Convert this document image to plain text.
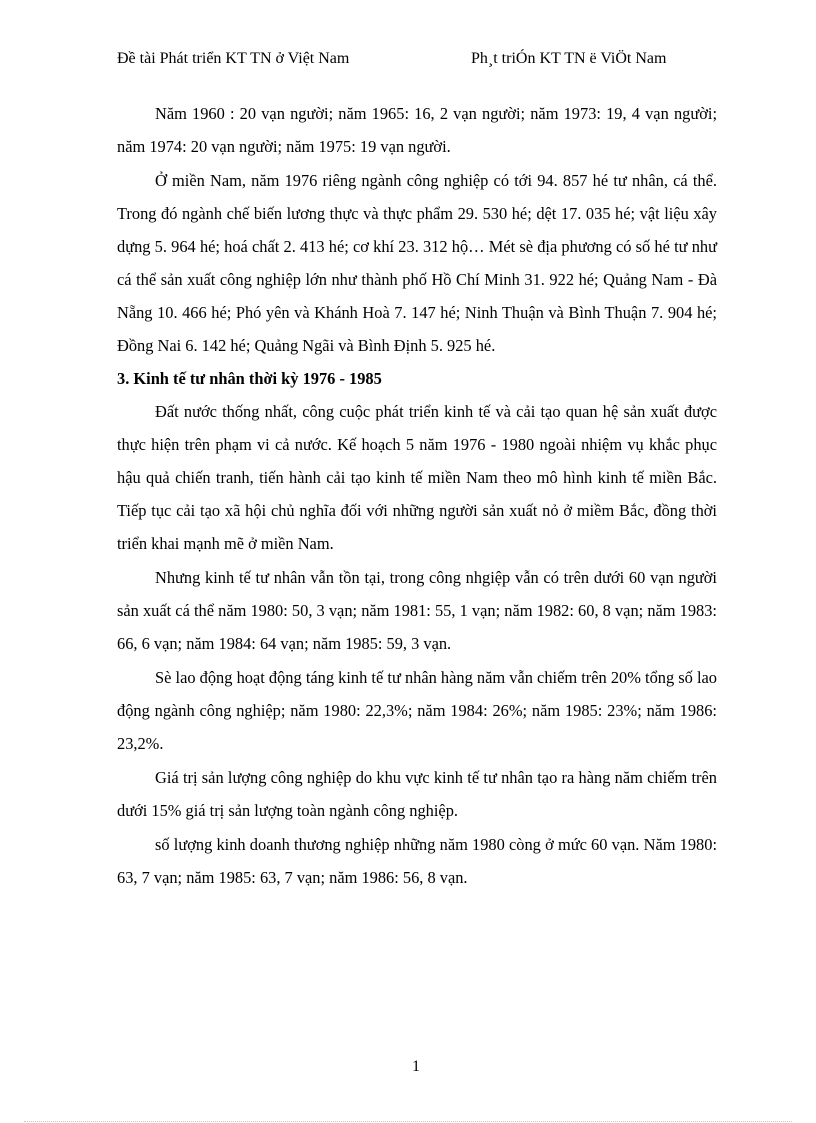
Đề tài Phát triển KT TN ở Việt Nam	Ph¸t triÓn KT TN ë ViÖt Nam

Năm 1960 : 20 vạn người; năm 1965: 16, 2 vạn người; năm 1973: 19, 4 vạn người; năm 1974: 20 vạn người; năm 1975: 19 vạn người.

Ở miền Nam, năm 1976 riêng ngành công nghiệp có tới 94. 857 hé tư nhân, cá thể. Trong đó ngành chế biến lương thực và thực phẩm 29. 530 hé; dệt 17. 035 hé; vật liệu xây dựng 5. 964 hé; hoá chất 2. 413 hé; cơ khí 23. 312 hộ… Mét sè địa phương có số hé tư như cá thể sản xuất công nghiệp lớn như thành phố Hồ Chí Minh 31. 922 hé; Quảng Nam - Đà Nẵng 10. 466 hé; Phó yên và Khánh Hoà 7. 147 hé; Ninh Thuận và Bình Thuận 7. 904 hé; Đồng Nai 6. 142 hé; Quảng Ngãi và Bình Định 5. 925 hé.

3. Kinh tế tư nhân thời kỳ 1976 - 1985

Đất nước thống nhất, công cuộc phát triển kinh tế và cải tạo quan hệ sản xuất được thực hiện trên phạm vi cả nước. Kế hoạch 5 năm 1976 - 1980 ngoài nhiệm vụ khắc phục hậu quả chiến tranh, tiến hành cải tạo kinh tế miền Nam theo mô hình kinh tế miền Bắc. Tiếp tục cải tạo xã hội chủ nghĩa đối với những người sản xuất nỏ ở miềm Bắc, đồng thời triển khai mạnh mẽ ở miền Nam.

Nhưng kinh tế tư nhân vẫn tồn tại, trong công nhgiệp vẫn có trên dưới 60 vạn người sản xuất cá thể năm 1980: 50, 3 vạn; năm 1981: 55, 1 vạn; năm 1982: 60, 8 vạn; năm 1983: 66, 6 vạn; năm 1984: 64 vạn; năm 1985: 59, 3 vạn.

Sè lao động hoạt động táng kinh tế tư nhân hàng năm vẫn chiếm trên 20% tổng số lao động ngành công nghiệp; năm 1980: 22,3%; năm 1984: 26%; năm 1985: 23%; năm 1986: 23,2%.

Giá trị sản lượng công nghiệp do khu vực kinh tế tư nhân tạo ra hàng năm chiếm trên dưới 15% giá trị sản lượng toàn ngành công nghiệp.

số lượng kinh doanh thương nghiệp những năm 1980 còng ở mức 60 vạn. Năm 1980: 63, 7 vạn; năm 1985: 63, 7 vạn; năm 1986: 56, 8 vạn.

1
